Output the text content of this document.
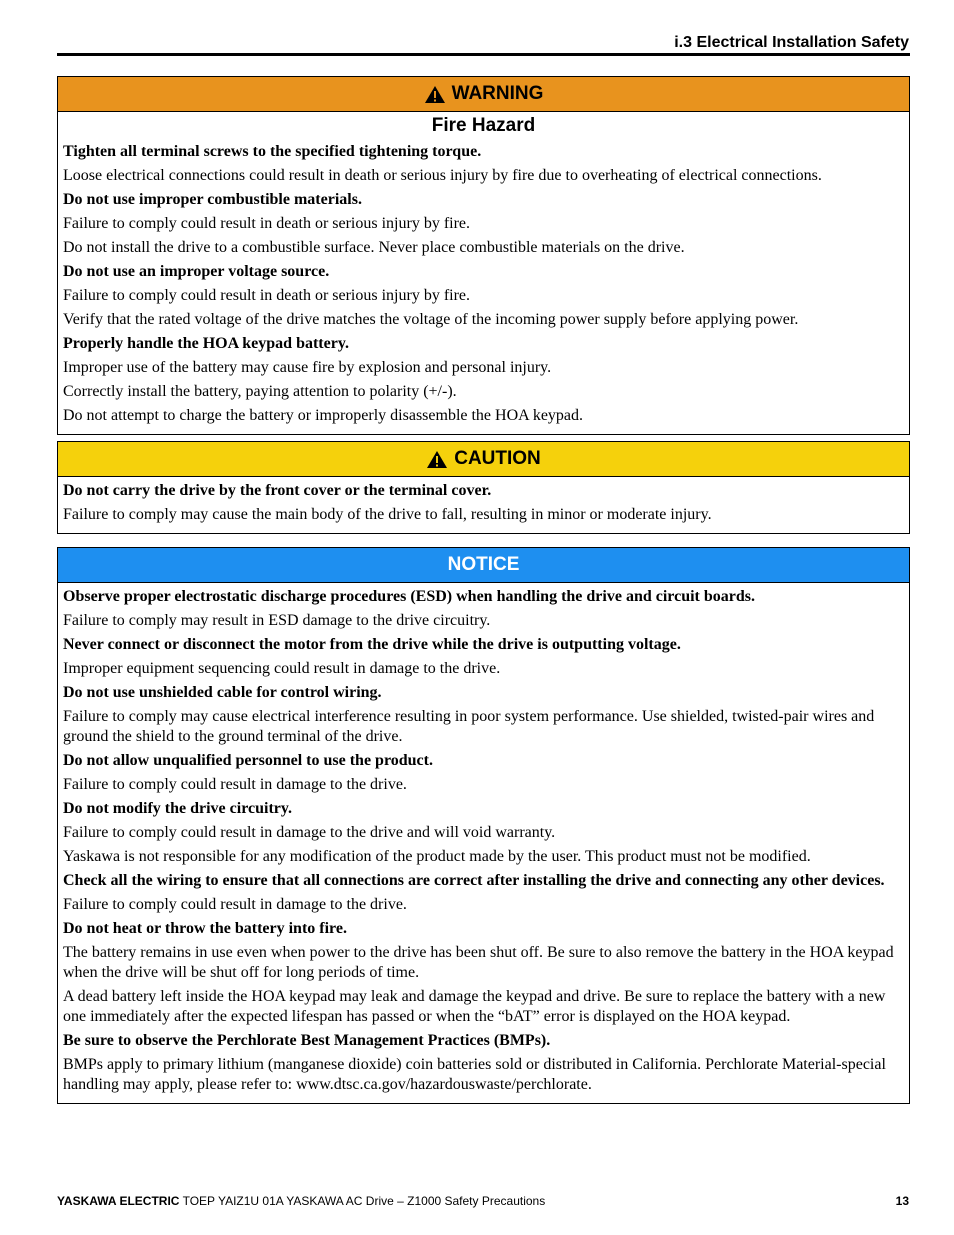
i.3 Electrical Installation Safety
WARNING
Fire Hazard

Tighten all terminal screws to the specified tightening torque.

Loose electrical connections could result in death or serious injury by fire due to overheating of electrical connections.

Do not use improper combustible materials.

Failure to comply could result in death or serious injury by fire.

Do not install the drive to a combustible surface. Never place combustible materials on the drive.

Do not use an improper voltage source.

Failure to comply could result in death or serious injury by fire.

Verify that the rated voltage of the drive matches the voltage of the incoming power supply before applying power.

Properly handle the HOA keypad battery.

Improper use of the battery may cause fire by explosion and personal injury.

Correctly install the battery, paying attention to polarity (+/-).

Do not attempt to charge the battery or improperly disassemble the HOA keypad.

CAUTION

Do not carry the drive by the front cover or the terminal cover.

Failure to comply may cause the main body of the drive to fall, resulting in minor or moderate injury.

NOTICE

Observe proper electrostatic discharge procedures (ESD) when handling the drive and circuit boards.

Failure to comply may result in ESD damage to the drive circuitry.

Never connect or disconnect the motor from the drive while the drive is outputting voltage.

Improper equipment sequencing could result in damage to the drive.

Do not use unshielded cable for control wiring.

Failure to comply may cause electrical interference resulting in poor system performance. Use shielded, twisted-pair wires and ground the shield to the ground terminal of the drive.

Do not allow unqualified personnel to use the product.

Failure to comply could result in damage to the drive.

Do not modify the drive circuitry.

Failure to comply could result in damage to the drive and will void warranty.

Yaskawa is not responsible for any modification of the product made by the user. This product must not be modified.

Check all the wiring to ensure that all connections are correct after installing the drive and connecting any other devices.

Failure to comply could result in damage to the drive.

Do not heat or throw the battery into fire.

The battery remains in use even when power to the drive has been shut off. Be sure to also remove the battery in the HOA keypad when the drive will be shut off for long periods of time.

A dead battery left inside the HOA keypad may leak and damage the keypad and drive. Be sure to replace the battery with a new one immediately after the expected lifespan has passed or when the “bAT” error is displayed on the HOA keypad.

Be sure to observe the Perchlorate Best Management Practices (BMPs).

BMPs apply to primary lithium (manganese dioxide) coin batteries sold or distributed in California. Perchlorate Material-special handling may apply, please refer to: www.dtsc.ca.gov/hazardouswaste/perchlorate.

YASKAWA ELECTRIC TOEP YAIZ1U 01A YASKAWA AC Drive – Z1000 Safety Precautions	13
